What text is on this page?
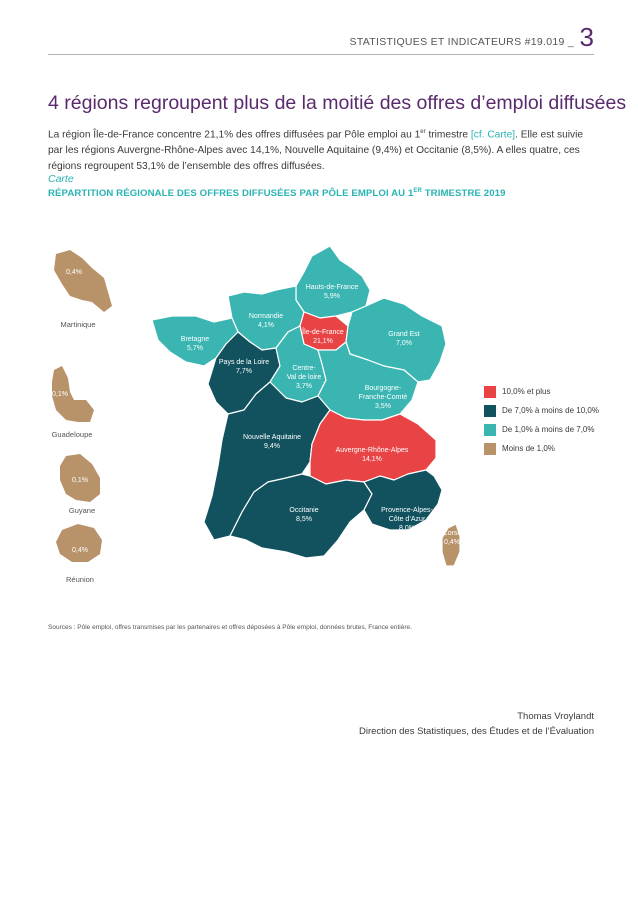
STATISTIQUES ET INDICATEURS #19.019 _ 3
4 régions regroupent plus de la moitié des offres d’emploi diffusées
La région Île-de-France concentre 21,1% des offres diffusées par Pôle emploi au 1er trimestre [cf. Carte]. Elle est suivie par les régions Auvergne-Rhône-Alpes avec 14,1%, Nouvelle Aquitaine (9,4%) et Occitanie (8,5%). A elles quatre, ces régions regroupent 53,1% de l’ensemble des offres diffusées.
Carte
RÉPARTITION RÉGIONALE DES OFFRES DIFFUSÉES PAR PÔLE EMPLOI AU 1ER TRIMESTRE 2019
Hauts-de-France 5,9%
Normandie 4,1%
Île-de-France 21,1%
Grand Est 7,0%
Bretagne 5,7%
Pays de la Loire 7,7%	Centre-Val de loire 3,7%	Bourgogne-Franche-Comté 3,5%
Nouvelle Aquitaine 9,4%
Auvergne-Rhône-Alpes 14,1%
Occitanie 8,5%
Provence-Alpes-Côte d’Azur 8,0%
Corse 0,4%
0,4%
Martinique
0,1%
Guadeloupe
0,1%
Guyane
0,4%
Réunion
10,0% et plus
De 7,0% à moins de 10,0%
De 1,0% à moins de 7,0%
Moins de 1,0%
Sources : Pôle emploi, offres transmises par les partenaires et offres déposées à Pôle emploi, données brutes, France entière.
Thomas Vroylandt
Direction des Statistiques, des Études et de l’Évaluation
